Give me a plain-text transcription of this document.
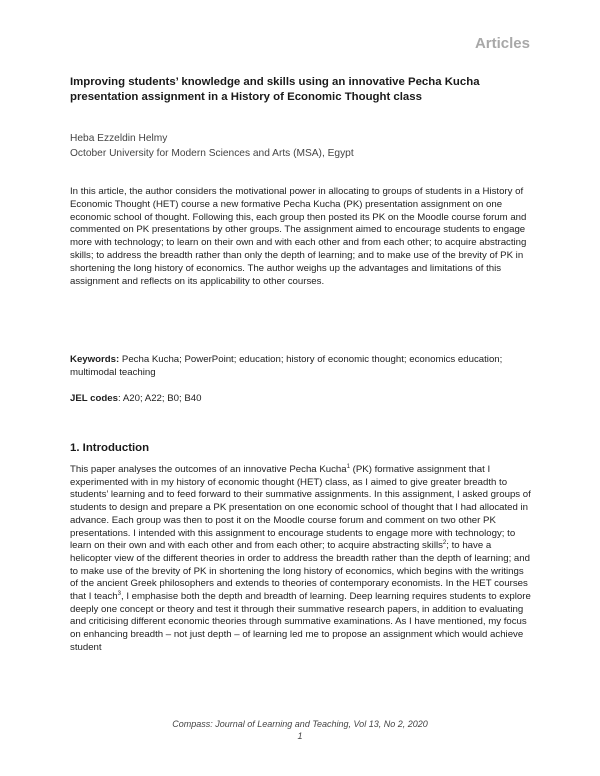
Articles

Improving students’ knowledge and skills using an innovative Pecha Kucha presentation assignment in a History of Economic Thought class

Heba Ezzeldin Helmy

October University for Modern Sciences and Arts (MSA), Egypt

In this article, the author considers the motivational power in allocating to groups of students in a History of Economic Thought (HET) course a new formative Pecha Kucha (PK) presentation assignment on one economic school of thought. Following this, each group then posted its PK on the Moodle course forum and commented on PK presentations by other groups. The assignment aimed to encourage students to engage more with technology; to learn on their own and with each other and from each other; to acquire abstracting skills; to address the breadth rather than only the depth of learning; and to make use of the brevity of PK in shortening the long history of economics. The author weighs up the advantages and limitations of this assignment and reflects on its applicability to other courses.

Keywords: Pecha Kucha; PowerPoint; education; history of economic thought; economics education; multimodal teaching

JEL codes: A20; A22; B0; B40

1. Introduction

This paper analyses the outcomes of an innovative Pecha Kucha$^1$ (PK) formative assignment that I experimented with in my history of economic thought (HET) class, as I aimed to give greater breadth to students’ learning and to feed forward to their summative assignments. In this assignment, I asked groups of students to design and prepare a PK presentation on one economic school of thought that I had allocated in advance. Each group was then to post it on the Moodle course forum and comment on two other PK presentations. I intended with this assignment to encourage students to engage more with technology; to learn on their own and with each other and from each other; to acquire abstracting skills$^2$; to have a helicopter view of the different theories in order to address the breadth rather than the depth of learning; and to make use of the brevity of PK in shortening the long history of economics, which begins with the writings of the ancient Greek philosophers and extends to theories of contemporary economists. In the HET courses that I teach$^3$, I emphasise both the depth and breadth of learning. Deep learning requires students to explore deeply one concept or theory and test it through their summative research papers, in addition to evaluating and criticising different economic theories through summative examinations. As I have mentioned, my focus on enhancing breadth – not just depth – of learning led me to propose an assignment which would achieve student

Compass: Journal of Learning and Teaching, Vol 13, No 2, 2020

1
